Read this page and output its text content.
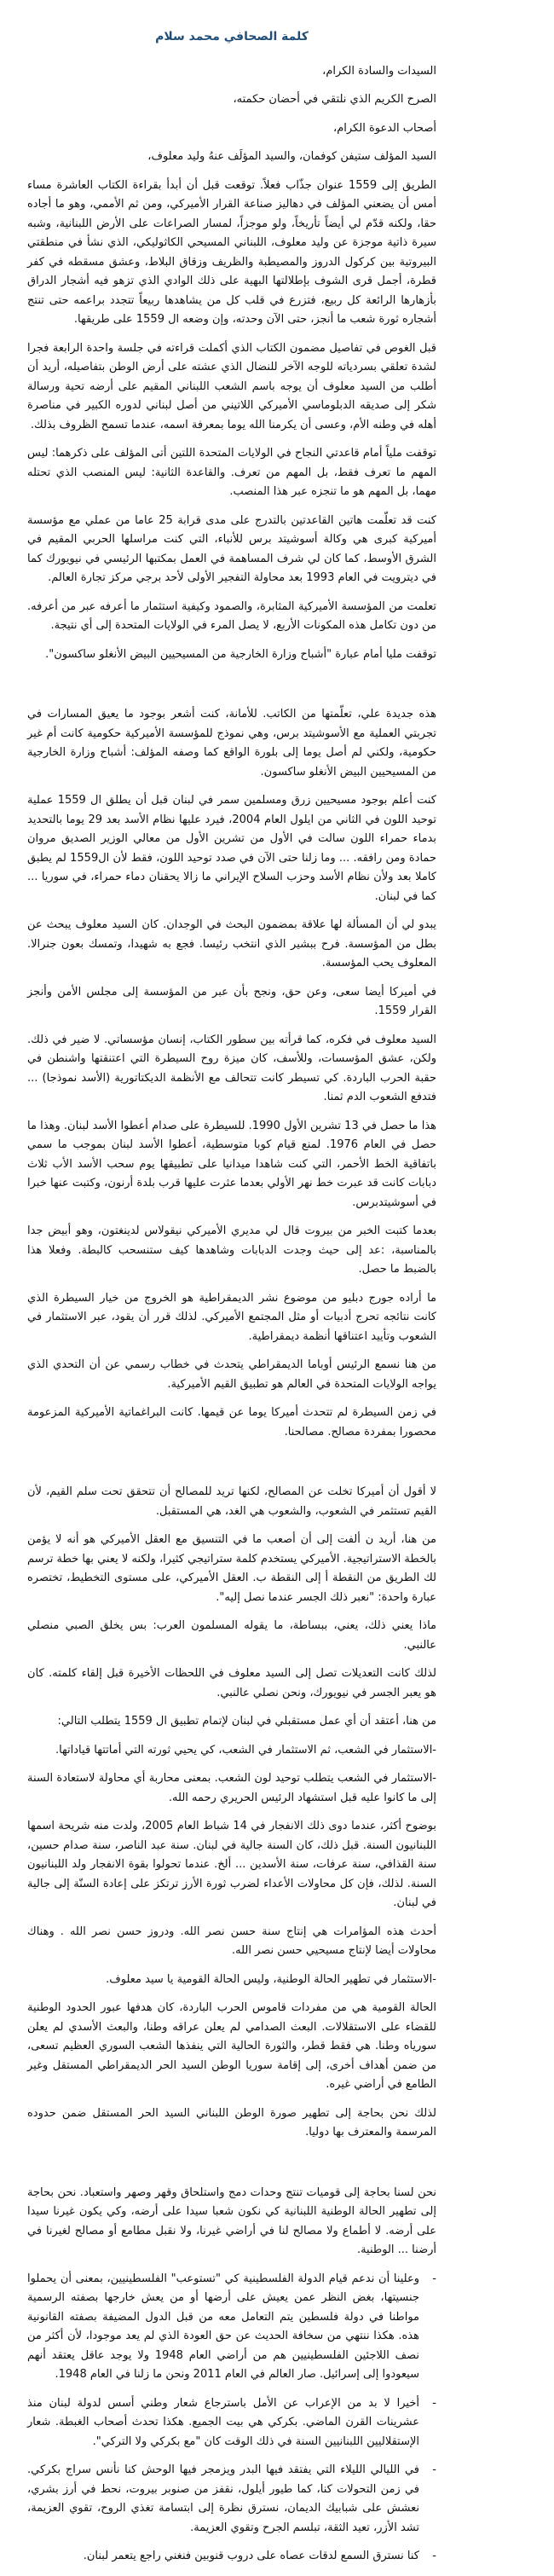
كلمة الصحافي محمد سلام

السيدات والسادة الكرام،

الصرح الكريم الذي نلتقي في أحضان حكمته،

أصحاب الدعوة الكرام،

السيد المؤلف ستيفن كوفمان، والسيد المؤلَف عنهُ وليد معلوف،

الطريق إلى 1559 عنوان جذّاب فعلاً. توقعت قبل أن أبدأ بقراءة الكتاب العاشرة مساء أمس أن يضعني المؤلف في دهاليز صناعة القرار الأميركي، ومن ثم الأممي، وهو ما أجاده حقا، ولكنه قدّم لي أيضاً تأريخاً، ولو موجزاً، لمسار الصراعات على الأرض اللبنانية، وشبه سيرة ذاتية موجزة عن وليد معلوف، اللبناني المسيحي الكاثوليكي، الذي نشأ في منطقتي البيروتية بين كركول الدروز والمصيطبة والظريف وزقاق البلاط، وعشق مسقطه في كفر قطرة، أجمل قرى الشوف بإطلالتها البهية على ذلك الوادي الذي تزهو فيه أشجار الدراق بأزهارها الرائعة كل ربيع، فتزرع في قلب كل من يشاهدها ربيعاً تتجدد براعمه حتى تنتج أشجاره ثورة شعب ما أنجز، حتى الآن وحدته، وإن وضعه ال 1559 على طريقها.

قبل الغوص في تفاصيل مضمون الكتاب الذي أكملت قراءته في جلسة واحدة الرابعة فجرا لشدة تعلقي بسردياته للوجه الآخر للنضال الذي عشته على أرض الوطن بتفاصيله، أريد أن أطلب من السيد معلوف أن يوجه باسم الشعب اللبناني المقيم على أرضه تحية ورسالة شكر إلى صديقه الدبلوماسي الأميركي اللاتيني من أصل لبناني لدوره الكبير في مناصرة أهله في وطنه الأم، وعسى أن يكرمنا الله يوما بمعرفة اسمه، عندما تسمح الظروف بذلك.

توقفت ملياً أمام قاعدتي النجاح في الولايات المتحدة اللتين أتى المؤلف على ذكرهما: ليس المهم ما تعرف فقط، بل المهم من تعرف. والقاعدة الثانية: ليس المنصب الذي تحتله مهما، بل المهم هو ما تنجزه عبر هذا المنصب.

كنت قد تعلّمت هاتين القاعدتين بالتدرج على مدى قرابة 25 عاما من عملي مع مؤسسة أميركية كبرى هي وكالة أسوشيتد برس للأنباء، التي كنت مراسلها الحربي المقيم في الشرق الأوسط، كما كان لي شرف المساهمة في العمل بمكتبها الرئيسي في نيويورك كما في ديترويت في العام 1993 بعد محاولة التفجير الأولى لأحد برجي مركز تجارة العالم.

تعلمت من المؤسسة الأميركية المثابرة، والصمود وكيفية استثمار ما أعرفه عبر من أعرفه. من دون تكامل هذه المكونات الأربع، لا يصل المرء في الولايات المتحدة إلى أي نتيجة.

توقفت مليا أمام عبارة "أشباح وزارة الخارجية من المسيحيين البيض الأنغلو ساكسون".

هذه جديدة علي، تعلّمتها من الكاتب. للأمانة، كنت أشعر بوجود ما يعيق المسارات في تجربتي العملية مع الأسوشيتد برس، وهي نموذج للمؤسسة الأميركية حكومية كانت أم غير حكومية، ولكني لم أصل يوما إلى بلورة الواقع كما وصفه المؤلف: أشباح وزارة الخارجية من المسيحيين البيض الأنغلو ساكسون.

كنت أعلم بوجود مسيحيين زرق ومسلمين سمر في لبنان قبل أن يطلق ال 1559 عملية توحيد اللون في الثاني من ايلول العام 2004، فيرد عليها نظام الأسد بعد 29 يوما بالتحديد بدماء حمراء اللون سالت في الأول من تشرين الأول من معالي الوزير الصديق مروان حمادة ومن رافقه. ... وما زلنا حتى الآن في صدد توحيد اللون، فقط لأن ال1559 لم يطبق كاملا بعد ولأن نظام الأسد وحزب السلاح الإيراني ما زالا يحقنان دماء حمراء، في سوريا ... كما في لبنان.

يبدو لي أن المسألة لها علاقة بمضمون البحث في الوجدان. كان السيد معلوف يبحث عن بطل من المؤسسة. فرح ببشير الذي انتخب رئيسا. فجع به شهيدا، وتمسك بعون جنرالا. المعلوف يحب المؤسسة.

في أميركا أيضا سعى، وعن حق، ونجح بأن عبر من المؤسسة إلى مجلس الأمن وأنجز القرار 1559.

السيد معلوف في فكره، كما قرأته بين سطور الكتاب، إنسان مؤسساتي. لا ضير في ذلك. ولكن، عشق المؤسسات، وللأسف، كان ميزة روح السيطرة التي اعتنقتها واشنطن في حقبة الحرب الباردة. كي تسيطر كانت تتحالف مع الأنظمة الديكتاتورية (الأسد نموذجا) ... فتدفع الشعوب الدم ثمنا.

هذا ما حصل في 13 تشرين الأول 1990. للسيطرة على صدام أعطوا الأسد لبنان. وهذا ما حصل في العام 1976. لمنع قيام كوبا متوسطية، أعطوا الأسد لبنان بموجب ما سمي باتفاقية الخط الأحمر، التي كنت شاهدا ميدانيا على تطبيقها يوم سحب الأسد الأب ثلاث دبابات كانت قد عبرت خط نهر الأولي بعدما عثرت عليها قرب بلدة أرنون، وكتبت عنها خبرا في أسوشيتدبرس.

بعدما كتبت الخبر من بيروت قال لي مديري الأميركي نيقولاس لدينغتون، وهو أبيض جدا بالمناسبة، :عد إلى حيث وجدت الدبابات وشاهدها كيف ستنسحب كالبطة. وفعلا هذا بالضبط ما حصل.

ما أراده جورج دبليو من موضوع نشر الديمقراطية هو الخروج من خيار السيطرة الذي كانت نتائجه تحرج أدبيات أو مثل المجتمع الأميركي. لذلك قرر أن يقود، عبر الاستثمار في الشعوب وتأييد اعتناقها أنظمة ديمقراطية.

من هنا نسمع الرئيس أوباما الديمقراطي يتحدث في خطاب رسمي عن أن التحدي الذي يواجه الولايات المتحدة في العالم هو تطبيق القيم الأميركية.

في زمن السيطرة لم تتحدث أميركا يوما عن قيمها. كانت البراغماتية الأميركية المزعومة محصورا بمفردة مصالح. مصالحنا.

لا أقول أن أميركا تخلت عن المصالح، لكنها تريد للمصالح أن تتحقق تحت سلم القيم، لأن القيم تستثمر في الشعوب، والشعوب هي الغد، هي المستقبل.

من هنا، أريد ن ألفت إلى أن أصعب ما في التنسيق مع العقل الأميركي هو أنه لا يؤمن بالخطة الاستراتيجية. الأميركي يستخدم كلمة ستراتيجي كثيرا، ولكنه لا يعني بها خطة ترسم لك الطريق من النقطة أ إلى النقطة ب. العقل الأميركي، على مستوى التخطيط، تختصره عبارة واحدة: "نعبر ذلك الجسر عندما نصل إليه".

ماذا يعني ذلك، يعني، ببساطة، ما يقوله المسلمون العرب: بس يخلق الصبي منصلي عالنبي.

لذلك كانت التعديلات تصل إلى السيد معلوف في اللحظات الأخيرة قبل إلقاء كلمته. كان هو يعبر الجسر في نيويورك، ونحن نصلي عالنبي.

من هنا، أعتقد أن أي عمل مستقبلي في لبنان لإتمام تطبيق ال 1559 يتطلب التالي:

-الاستثمار في الشعب، ثم الاستثمار في الشعب، كي يحيي ثورته التي أماتتها قياداتها.

-الاستثمار في الشعب يتطلب توحيد لون الشعب. بمعنى محاربة أي محاولة لاستعادة السنة إلى ما كانوا عليه قبل استشهاد الرئيس الحريري رحمه الله.

بوضوح أكثر، عندما دوى ذلك الانفجار في 14 شباط العام 2005، ولدت منه شريحة اسمها اللبنانيون السنة. قبل ذلك، كان السنة جالية في لبنان. سنة عبد الناصر، سنة صدام حسين، سنة القذافي، سنة عرفات، سنة الأسدين ... ألخ. عندما تحولوا بقوة الانفجار ولد اللبنانيون السنة. لذلك، فإن كل محاولات الأعداء لضرب ثورة الأرز ترتكز على إعادة السنّة إلى جالية في لبنان.

أحدث هذه المؤامرات هي إنتاج سنة حسن نصر الله. ودروز حسن نصر الله . وهناك محاولات أيضا لإنتاج مسيحيي حسن نصر الله.

-الاستثمار في تطهير الحالة الوطنية، وليس الحالة القومية يا سيد معلوف.

الحالة القومية هي من مفردات قاموس الحرب الباردة، كان هدفها عبور الحدود الوطنية للقضاء على الاستقلالات. البعث الصدامي لم يعلن عراقه وطنا، والبعث الأسدي لم يعلن سورياه وطنا. هي فقط قطر، والثورة الحالية التي ينفذها الشعب السوري العظيم تسعى، من ضمن أهداف أخرى، إلى إقامة سوريا الوطن السيد الحر الديمقراطي المستقل وغير الطامع في أراضي غيره.

لذلك نحن بحاجة إلى تطهير صورة الوطن اللبناني السيد الحر المستقل ضمن حدوده المرسمة والمعترف بها دوليا.

نحن لسنا بحاجة إلى قوميات تنتج وحدات دمج واستلحاق وقهر وصهر واستعباد. نحن بحاجة إلى تطهير الحالة الوطنية اللبنانية كي نكون شعبا سيدا على أرضه، وكي يكون غيرنا سيدا على أرضه. لا أطماع ولا مصالح لنا في أراضي غيرنا، ولا نقبل مطامع أو مصالح لغيرنا في أرضنا ... الوطنية.

-
وعلينا أن ندعم قيام الدولة الفلسطينية كي "تستوعب" الفلسطينيين، بمعنى أن يحملوا جنسيتها، بغض النظر عمن يعيش على أرضها أو من يعش خارجها بصفته الرسمية مواطنا في دولة فلسطين يتم التعامل معه من قبل الدول المضيفة بصفته القانونية هذه. هكذا ننتهي من سخافة الحديث عن حق العودة الذي لم يعد موجودا، لأن أكثر من نصف اللاجئين الفلسطينيين هم من أراضي العام 1948 ولا يوجد عاقل يعتقد أنهم سيعودوا إلى إسرائيل. صار العالم في العام 2011 ونحن ما زلنا في العام 1948.
-
أخيرا لا بد من الإعراب عن الأمل باسترجاع شعار وطني أسس لدولة لبنان منذ عشرينات القرن الماضي. بكركي هي بيت الجميع. هكذا تحدث أصحاب الغبطة. شعار الإستقلاليين اللبنانيين السنة في ذلك الوقت كان "مع بكركي ولا التركي".
-
في الليالي الليلاء التي يفتقد فيها البدر ويزمجر فيها الوحش كنا نأنس سراج بكركي. في زمن التحولات كنا، كما طيور أيلول، نقفز من صنوبر بيروت، نحط في أرز بشري، نعشش على شبابيك الديمان، نسترق نظرة إلى ابتسامة تغذي الروح، تقوي العزيمة، تشد الأزر، تعيد الثقة، تبلسم الجرح وتقوي العزيمة.
-
كنا نسترق السمع لدقات عصاه على دروب قنوبين فنغني راجع يتعمر لبنان.
